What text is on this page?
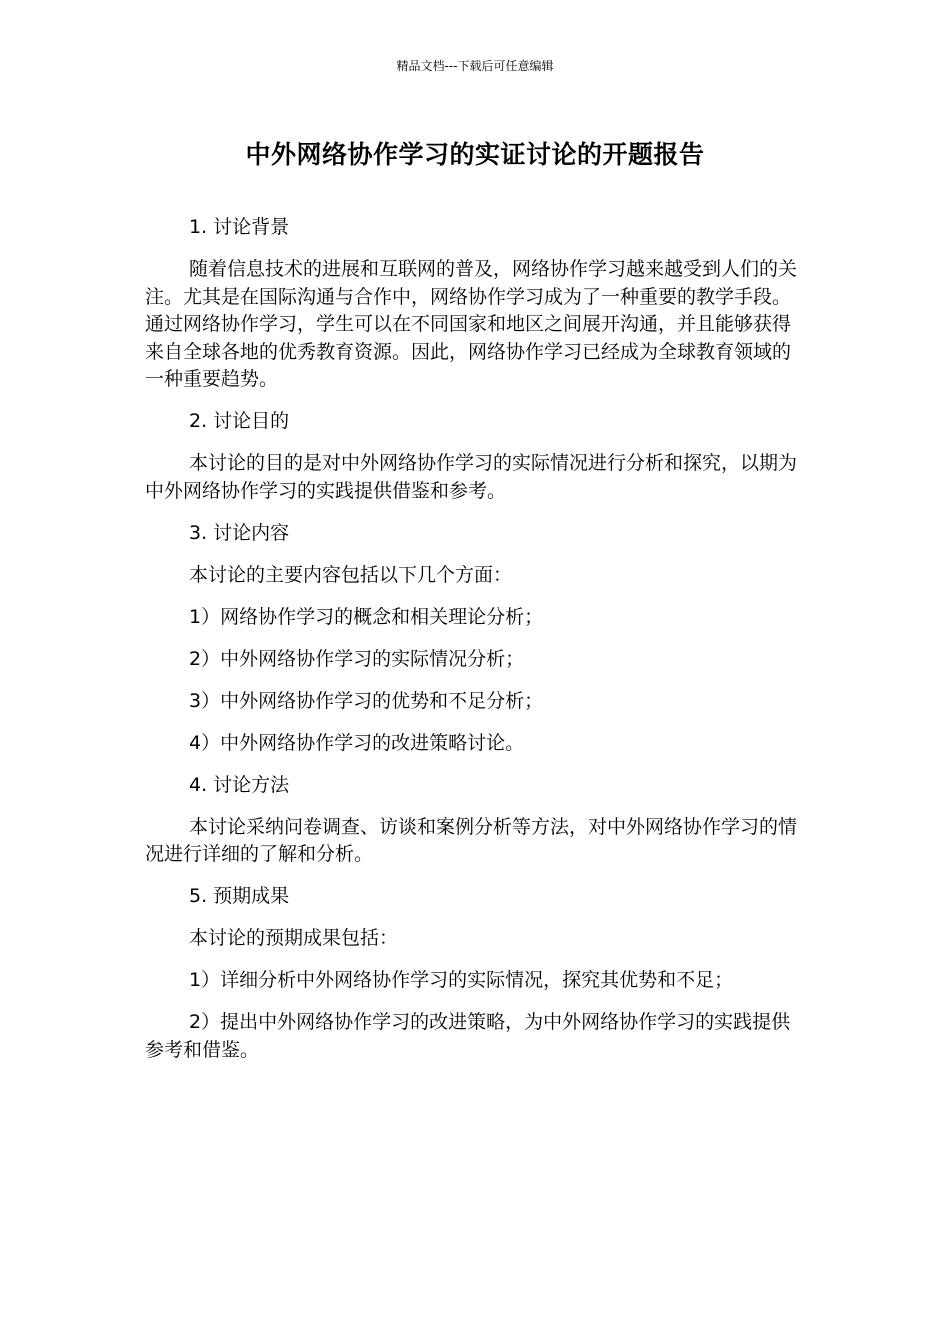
精品文档---下载后可任意编辑
中外网络协作学习的实证讨论的开题报告

1. 讨论背景

随着信息技术的进展和互联网的普及，网络协作学习越来越受到人们的关注。尤其是在国际沟通与合作中，网络协作学习成为了一种重要的教学手段。通过网络协作学习，学生可以在不同国家和地区之间展开沟通，并且能够获得来自全球各地的优秀教育资源。因此，网络协作学习已经成为全球教育领域的一种重要趋势。

2. 讨论目的

本讨论的目的是对中外网络协作学习的实际情况进行分析和探究，以期为中外网络协作学习的实践提供借鉴和参考。

3. 讨论内容

本讨论的主要内容包括以下几个方面：

1）网络协作学习的概念和相关理论分析；

2）中外网络协作学习的实际情况分析；

3）中外网络协作学习的优势和不足分析；

4）中外网络协作学习的改进策略讨论。

4. 讨论方法

本讨论采纳问卷调查、访谈和案例分析等方法，对中外网络协作学习的情况进行详细的了解和分析。

5. 预期成果

本讨论的预期成果包括：

1）详细分析中外网络协作学习的实际情况，探究其优势和不足；

2）提出中外网络协作学习的改进策略，为中外网络协作学习的实践提供参考和借鉴。
